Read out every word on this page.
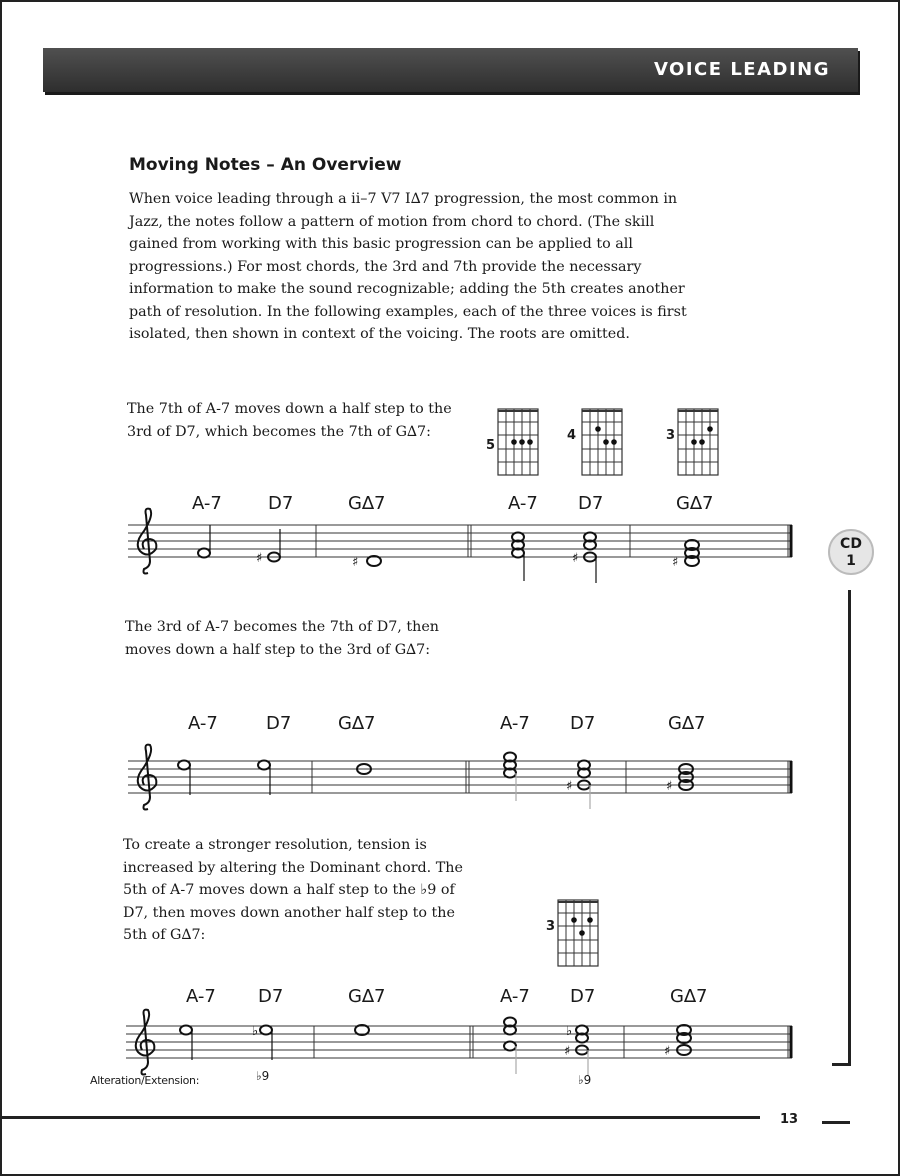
VOICE LEADING
Moving Notes – An Overview

When voice leading through a ii–7 V7 I∆7 progression, the most common in Jazz, the notes follow a pattern of motion from chord to chord. (The skill gained from working with this basic progression can be applied to all progressions.) For most chords, the 3rd and 7th provide the necessary information to make the sound recognizable; adding the 5th creates another path of resolution. In the following examples, each of the three voices is first isolated, then shown in context of the voicing. The roots are omitted.

The 7th of A-7 moves down a half step to the 3rd of D7, which becomes the 7th of G∆7:

5
4	3
A-7	D7	G∆7	A-7 D7	G∆7
♯	♯	♯	♯

The 3rd of A-7 becomes the 7th of D7, then moves down a half step to the 3rd of G∆7:

A-7	D7	G∆7	A-7 D7	G∆7
♯	♯

To create a stronger resolution, tension is increased by altering the Dominant chord. The 5th of A-7 moves down a half step to the ♭9 of D7, then moves down another half step to the 5th of G∆7:

3
A-7 D7	G∆7	A-7 D7	G∆7
♭	♭
♯	♯
♭9	♭9
Alteration/Extension:
CD
1
13
